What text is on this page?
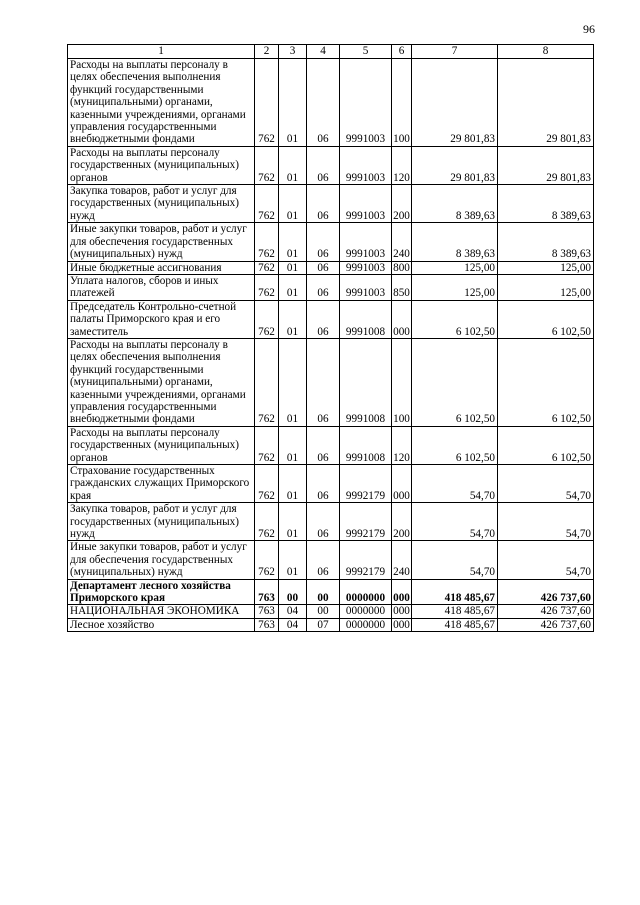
96
1	2	3	4	5	6	7	8
Расходы на выплаты персоналу в целях обеспечения выполнения функций государственными (муниципальными) органами, казенными учреждениями, органами управления государственными внебюджетными фондами	762	01	06	9991003	100	29 801,83	29 801,83
Расходы на выплаты персоналу государственных (муниципальных) органов	762	01	06	9991003	120	29 801,83	29 801,83
Закупка товаров, работ и услуг для государственных (муниципальных) нужд	762	01	06	9991003	200	8 389,63	8 389,63
Иные закупки товаров, работ и услуг для обеспечения государственных (муниципальных) нужд	762	01	06	9991003	240	8 389,63	8 389,63
Иные бюджетные ассигнования	762	01	06	9991003	800	125,00	125,00
Уплата налогов, сборов и иных платежей	762	01	06	9991003	850	125,00	125,00
Председатель Контрольно-счетной палаты Приморского края и его заместитель	762	01	06	9991008	000	6 102,50	6 102,50
Расходы на выплаты персоналу в целях обеспечения выполнения функций государственными (муниципальными) органами, казенными учреждениями, органами управления государственными внебюджетными фондами	762	01	06	9991008	100	6 102,50	6 102,50
Расходы на выплаты персоналу государственных (муниципальных) органов	762	01	06	9991008	120	6 102,50	6 102,50
Страхование государственных гражданских служащих Приморского края	762	01	06	9992179	000	54,70	54,70
Закупка товаров, работ и услуг для государственных (муниципальных) нужд	762	01	06	9992179	200	54,70	54,70
Иные закупки товаров, работ и услуг для обеспечения государственных (муниципальных) нужд	762	01	06	9992179	240	54,70	54,70
Департамент лесного хозяйства Приморского края	763	00	00	0000000	000	418 485,67	426 737,60
НАЦИОНАЛЬНАЯ ЭКОНОМИКА	763	04	00	0000000	000	418 485,67	426 737,60
Лесное хозяйство	763	04	07	0000000	000	418 485,67	426 737,60
